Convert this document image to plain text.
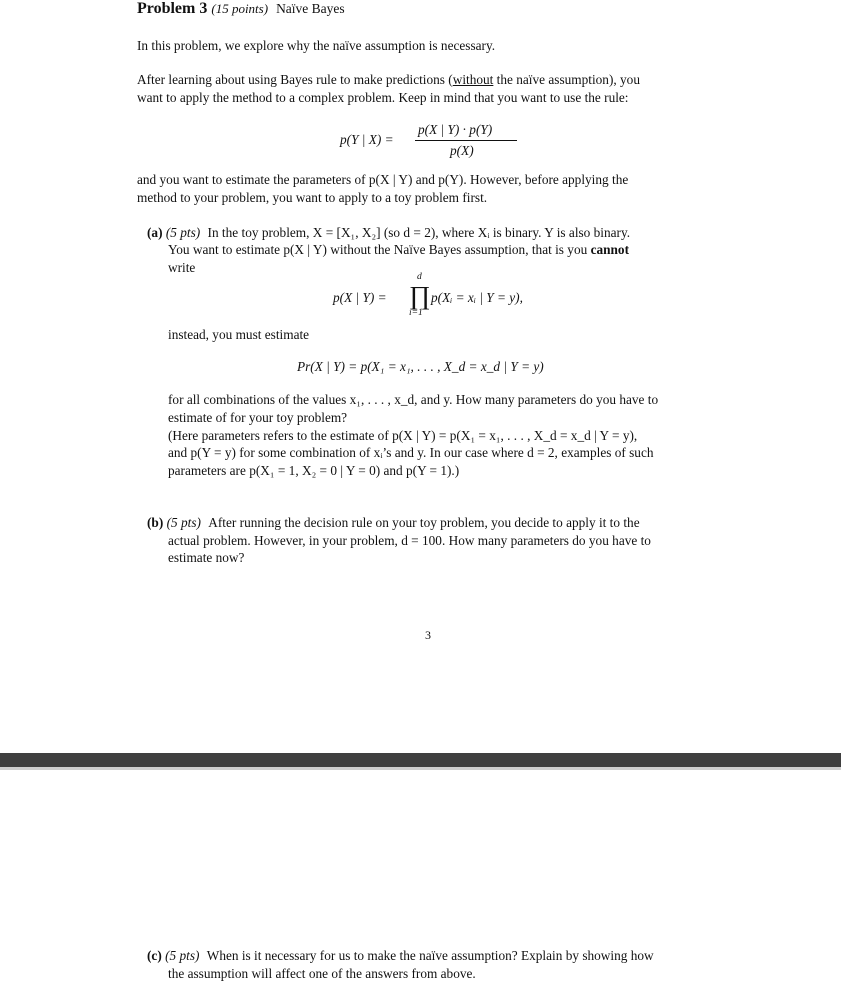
Problem 3 (15 points) Naïve Bayes
In this problem, we explore why the naïve assumption is necessary.
After learning about using Bayes rule to make predictions (without the naïve assumption), you
want to apply the method to a complex problem. Keep in mind that you want to use the rule:
p(Y | X) =
p(X | Y) · p(Y)
p(X)
and you want to estimate the parameters of p(X | Y) and p(Y). However, before applying the
method to your problem, you want to apply to a toy problem first.
(a) (5 pts) In the toy problem, X = [X₁, X₂] (so d = 2), where Xᵢ is binary. Y is also binary.
You want to estimate p(X | Y) without the Naïve Bayes assumption, that is you cannot
write
p(X | Y) =
d
∏
i=1
p(Xᵢ = xᵢ | Y = y),
instead, you must estimate
Pr(X | Y) = p(X₁ = x₁, . . . , X_d = x_d | Y = y)
for all combinations of the values x₁, . . . , x_d, and y. How many parameters do you have to
estimate of for your toy problem?
(Here parameters refers to the estimate of p(X | Y) = p(X₁ = x₁, . . . , X_d = x_d | Y = y),
and p(Y = y) for some combination of xᵢ’s and y. In our case where d = 2, examples of such
parameters are p(X₁ = 1, X₂ = 0 | Y = 0) and p(Y = 1).)
(b) (5 pts) After running the decision rule on your toy problem, you decide to apply it to the
actual problem. However, in your problem, d = 100. How many parameters do you have to
estimate now?
3
(c) (5 pts) When is it necessary for us to make the naïve assumption? Explain by showing how
the assumption will affect one of the answers from above.
